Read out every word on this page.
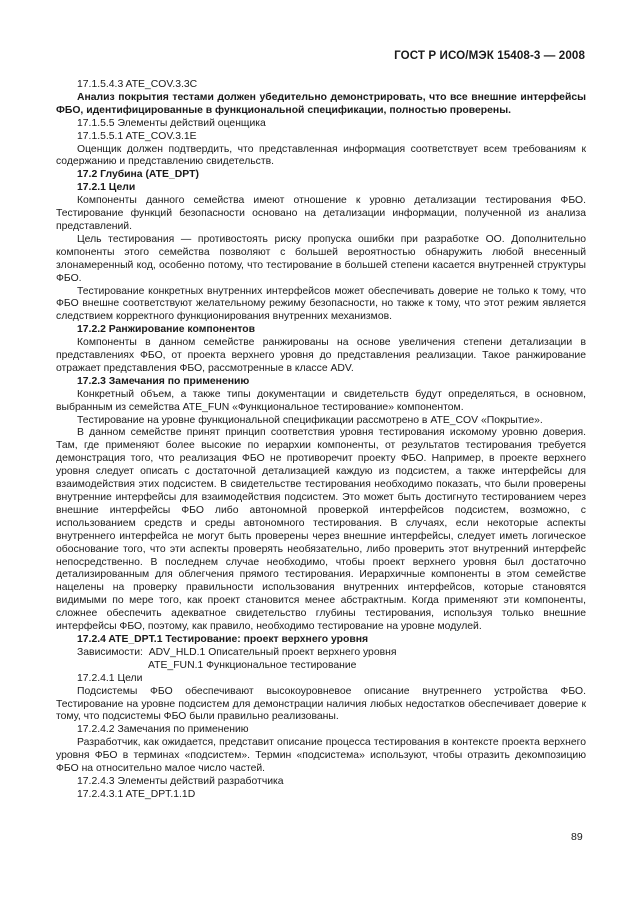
ГОСТ Р ИСО/МЭК 15408-3 — 2008

17.1.5.4.3 ATE_COV.3.3C

Анализ покрытия тестами должен убедительно демонстрировать, что все внешние интерфейсы ФБО, идентифицированные в функциональной спецификации, полностью проверены.

17.1.5.5 Элементы действий оценщика

17.1.5.5.1 ATE_COV.3.1E

Оценщик должен подтвердить, что представленная информация соответствует всем требованиям к содержанию и представлению свидетельств.

17.2 Глубина (ATE_DPT)

17.2.1 Цели

Компоненты данного семейства имеют отношение к уровню детализации тестирования ФБО. Тестирование функций безопасности основано на детализации информации, полученной из анализа представлений.

Цель тестирования — противостоять риску пропуска ошибки при разработке ОО. Дополнительно компоненты этого семейства позволяют с большей вероятностью обнаружить любой внесенный злонамеренный код, особенно потому, что тестирование в большей степени касается внутренней структуры ФБО.

Тестирование конкретных внутренних интерфейсов может обеспечивать доверие не только к тому, что ФБО внешне соответствуют желательному режиму безопасности, но также к тому, что этот режим является следствием корректного функционирования внутренних механизмов.

17.2.2 Ранжирование компонентов

Компоненты в данном семействе ранжированы на основе увеличения степени детализации в представлениях ФБО, от проекта верхнего уровня до представления реализации. Такое ранжирование отражает представления ФБО, рассмотренные в классе ADV.

17.2.3 Замечания по применению

Конкретный объем, а также типы документации и свидетельств будут определяться, в основном, выбранным из семейства ATE_FUN «Функциональное тестирование» компонентом.

Тестирование на уровне функциональной спецификации рассмотрено в ATE_COV «Покрытие».

В данном семействе принят принцип соответствия уровня тестирования искомому уровню доверия. Там, где применяют более высокие по иерархии компоненты, от результатов тестирования требуется демонстрация того, что реализация ФБО не противоречит проекту ФБО. Например, в проекте верхнего уровня следует описать с достаточной детализацией каждую из подсистем, а также интерфейсы для взаимодействия этих подсистем. В свидетельстве тестирования необходимо показать, что были проверены внутренние интерфейсы для взаимодействия подсистем. Это может быть достигнуто тестированием через внешние интерфейсы ФБО либо автономной проверкой интерфейсов подсистем, возможно, с использованием средств и среды автономного тестирования. В случаях, если некоторые аспекты внутреннего интерфейса не могут быть проверены через внешние интерфейсы, следует иметь логическое обоснование того, что эти аспекты проверять необязательно, либо проверить этот внутренний интерфейс непосредственно. В последнем случае необходимо, чтобы проект верхнего уровня был достаточно детализированным для облегчения прямого тестирования. Иерархичные компоненты в этом семействе нацелены на проверку правильности использования внутренних интерфейсов, которые становятся видимыми по мере того, как проект становится менее абстрактным. Когда применяют эти компоненты, сложнее обеспечить адекватное свидетельство глубины тестирования, используя только внешние интерфейсы ФБО, поэтому, как правило, необходимо тестирование на уровне модулей.

17.2.4 ATE_DPT.1 Тестирование: проект верхнего уровня

Зависимости: ADV_HLD.1 Описательный проект верхнего уровня
ATE_FUN.1 Функциональное тестирование

17.2.4.1 Цели

Подсистемы ФБО обеспечивают высокоуровневое описание внутреннего устройства ФБО. Тестирование на уровне подсистем для демонстрации наличия любых недостатков обеспечивает доверие к тому, что подсистемы ФБО были правильно реализованы.

17.2.4.2 Замечания по применению

Разработчик, как ожидается, представит описание процесса тестирования в контексте проекта верхнего уровня ФБО в терминах «подсистем». Термин «подсистема» используют, чтобы отразить декомпозицию ФБО на относительно малое число частей.

17.2.4.3 Элементы действий разработчика

17.2.4.3.1 ATE_DPT.1.1D

89
